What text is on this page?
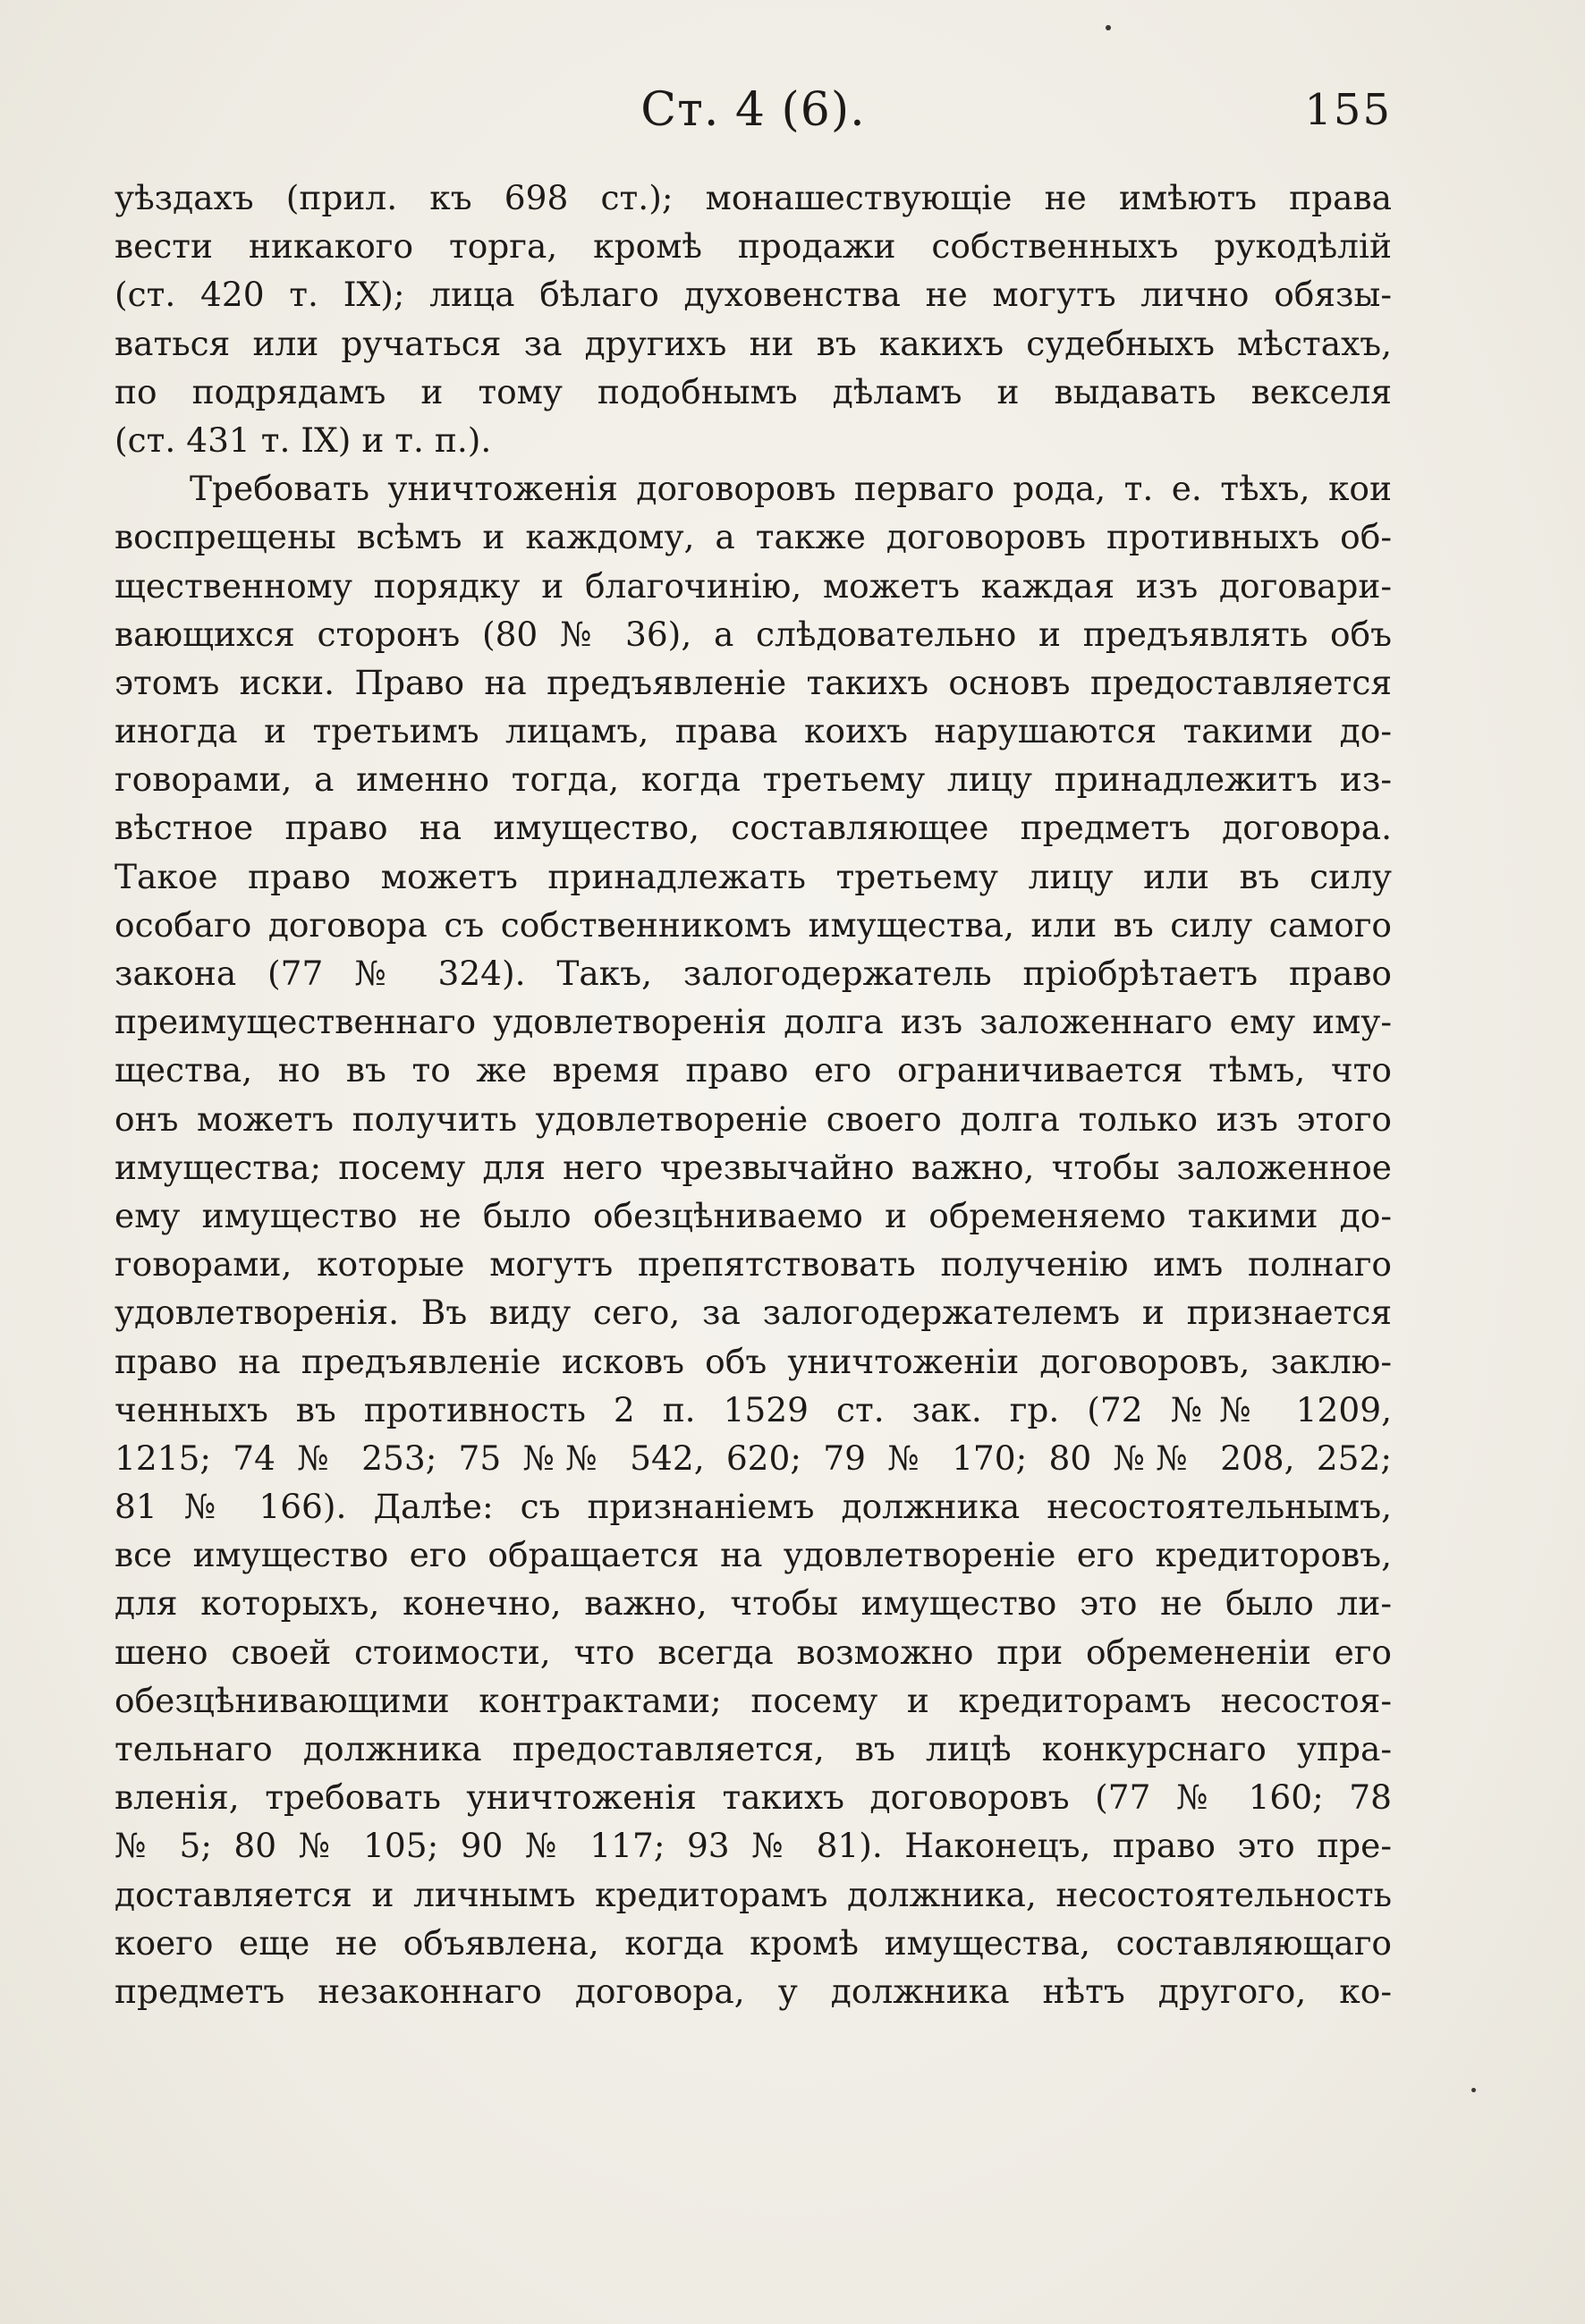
Ст. 4 (6).	155
уѣздахъ (прил. къ 698 ст.); монашествующіе не имѣютъ права
вести никакого торга, кромѣ продажи собственныхъ рукодѣлій
(ст. 420 т. IX); лица бѣлаго духовенства не могутъ лично обязы-
ваться или ручаться за другихъ ни въ какихъ судебныхъ мѣстахъ,
по подрядамъ и тому подобнымъ дѣламъ и выдавать векселя
(ст. 431 т. IX) и т. п.).
Требовать уничтоженія договоровъ перваго рода, т. е. тѣхъ, кои
воспрещены всѣмъ и каждому, а также договоровъ противныхъ об-
щественному порядку и благочинію, можетъ каждая изъ договари-
вающихся сторонъ (80 № 36), а слѣдовательно и предъявлять объ
этомъ иски. Право на предъявленіе такихъ основъ предоставляется
иногда и третьимъ лицамъ, права коихъ нарушаются такими до-
говорами, а именно тогда, когда третьему лицу принадлежитъ из-
вѣстное право на имущество, составляющее предметъ договора.
Такое право можетъ принадлежать третьему лицу или въ силу
особаго договора съ собственникомъ имущества, или въ силу самого
закона (77 № 324). Такъ, залогодержатель пріобрѣтаетъ право
преимущественнаго удовлетворенія долга изъ заложеннаго ему иму-
щества, но въ то же время право его ограничивается тѣмъ, что
онъ можетъ получить удовлетвореніе своего долга только изъ этого
имущества; посему для него чрезвычайно важно, чтобы заложенное
ему имущество не было обезцѣниваемо и обременяемо такими до-
говорами, которые могутъ препятствовать полученію имъ полнаго
удовлетворенія. Въ виду сего, за залогодержателемъ и признается
право на предъявленіе исковъ объ уничтоженіи договоровъ, заклю-
ченныхъ въ противность 2 п. 1529 ст. зак. гр. (72 №№ 1209,
1215; 74 № 253; 75 №№ 542, 620; 79 № 170; 80 №№ 208, 252;
81 № 166). Далѣе: съ признаніемъ должника несостоятельнымъ,
все имущество его обращается на удовлетвореніе его кредиторовъ,
для которыхъ, конечно, важно, чтобы имущество это не было ли-
шено своей стоимости, что всегда возможно при обремененіи его
обезцѣнивающими контрактами; посему и кредиторамъ несостоя-
тельнаго должника предоставляется, въ лицѣ конкурснаго упра-
вленія, требовать уничтоженія такихъ договоровъ (77 № 160; 78
№ 5; 80 № 105; 90 № 117; 93 № 81). Наконецъ, право это пре-
доставляется и личнымъ кредиторамъ должника, несостоятельность
коего еще не объявлена, когда кромѣ имущества, составляющаго
предметъ незаконнаго договора, у должника нѣтъ другого, ко-
